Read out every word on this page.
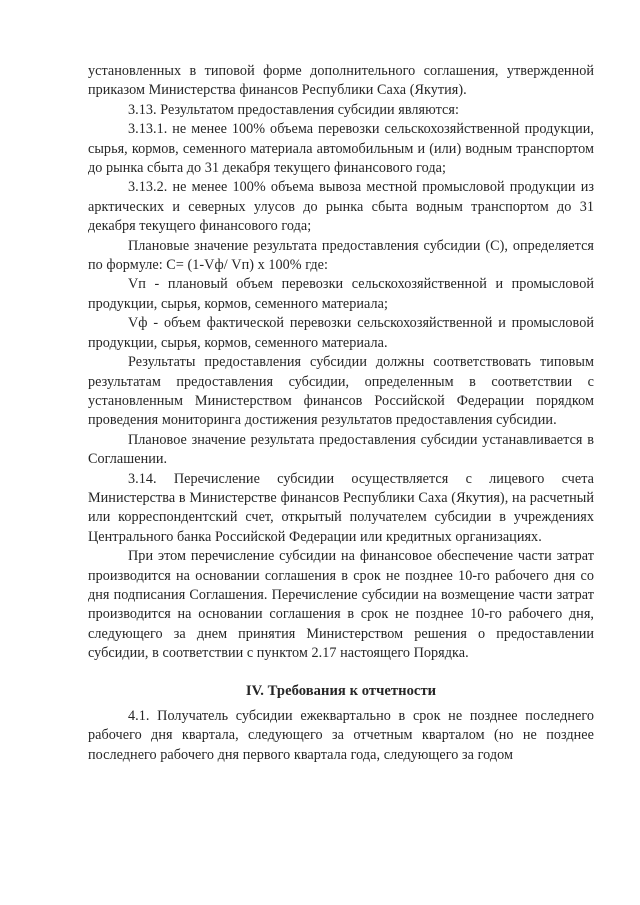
установленных в типовой форме дополнительного соглашения, утвержденной приказом Министерства финансов Республики Саха (Якутия).

3.13. Результатом предоставления субсидии являются:

3.13.1. не менее 100% объема перевозки сельскохозяйственной продукции, сырья, кормов, семенного материала автомобильным и (или) водным транспортом до рынка сбыта до 31 декабря текущего финансового года;

3.13.2. не менее 100% объема вывоза местной промысловой продукции из арктических и северных улусов до рынка сбыта водным транспортом до 31 декабря текущего финансового года;

Плановые значение результата предоставления субсидии (С), определяется по формуле: С= (1-Vф/ Vп) х 100% где:

Vп - плановый объем перевозки сельскохозяйственной и промысловой продукции, сырья, кормов, семенного материала;

Vф - объем фактической перевозки сельскохозяйственной и промысловой продукции, сырья, кормов, семенного материала.

Результаты предоставления субсидии должны соответствовать типовым результатам предоставления субсидии, определенным в соответствии с установленным Министерством финансов Российской Федерации порядком проведения мониторинга достижения результатов предоставления субсидии.

Плановое значение результата предоставления субсидии устанавливается в Соглашении.

3.14. Перечисление субсидии осуществляется с лицевого счета Министерства в Министерстве финансов Республики Саха (Якутия), на расчетный или корреспондентский счет, открытый получателем субсидии в учреждениях Центрального банка Российской Федерации или кредитных организациях.

При этом перечисление субсидии на финансовое обеспечение части затрат производится на основании соглашения в срок не позднее 10-го рабочего дня со дня подписания Соглашения. Перечисление субсидии на возмещение части затрат производится на основании соглашения в срок не позднее 10-го рабочего дня, следующего за днем принятия Министерством решения о предоставлении субсидии, в соответствии с пунктом 2.17 настоящего Порядка.

IV. Требования к отчетности

4.1. Получатель субсидии ежеквартально в срок не позднее последнего рабочего дня квартала, следующего за отчетным кварталом (но не позднее последнего рабочего дня первого квартала года, следующего за годом
